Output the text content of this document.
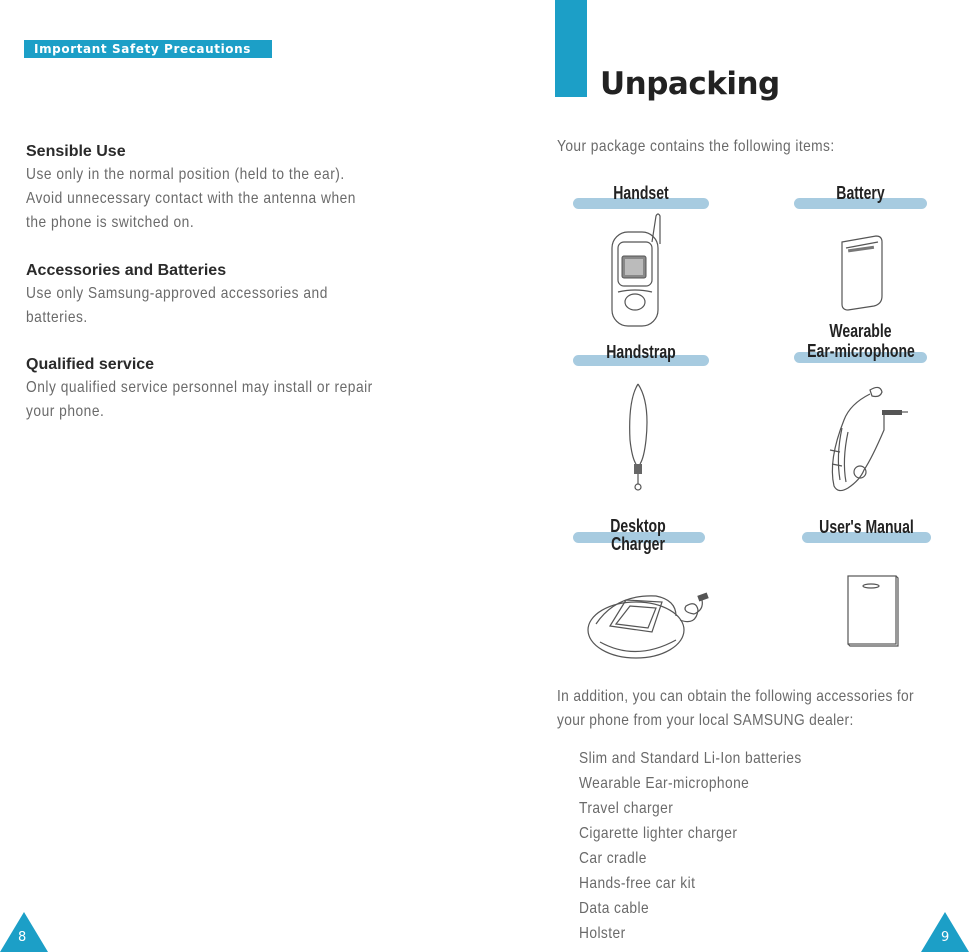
Important Safety Precautions
Sensible Use

Use only in the normal position (held to the ear).
Avoid unnecessary contact with the antenna when
the phone is switched on.

Accessories and Batteries

Use only Samsung-approved accessories and
batteries.

Qualified service

Only qualified service personnel may install or repair
your phone.

8
Unpacking
Your package contains the following items:
Handset	Battery
Handstrap
Wearable
Ear-microphone
Desktop Charger
User's Manual
In addition, you can obtain the following accessories for
your phone from your local SAMSUNG dealer:
Slim and Standard Li-Ion batteries
Wearable Ear-microphone
Travel charger
Cigarette lighter charger
Car cradle
Hands-free car kit
Data cable
Holster	9
